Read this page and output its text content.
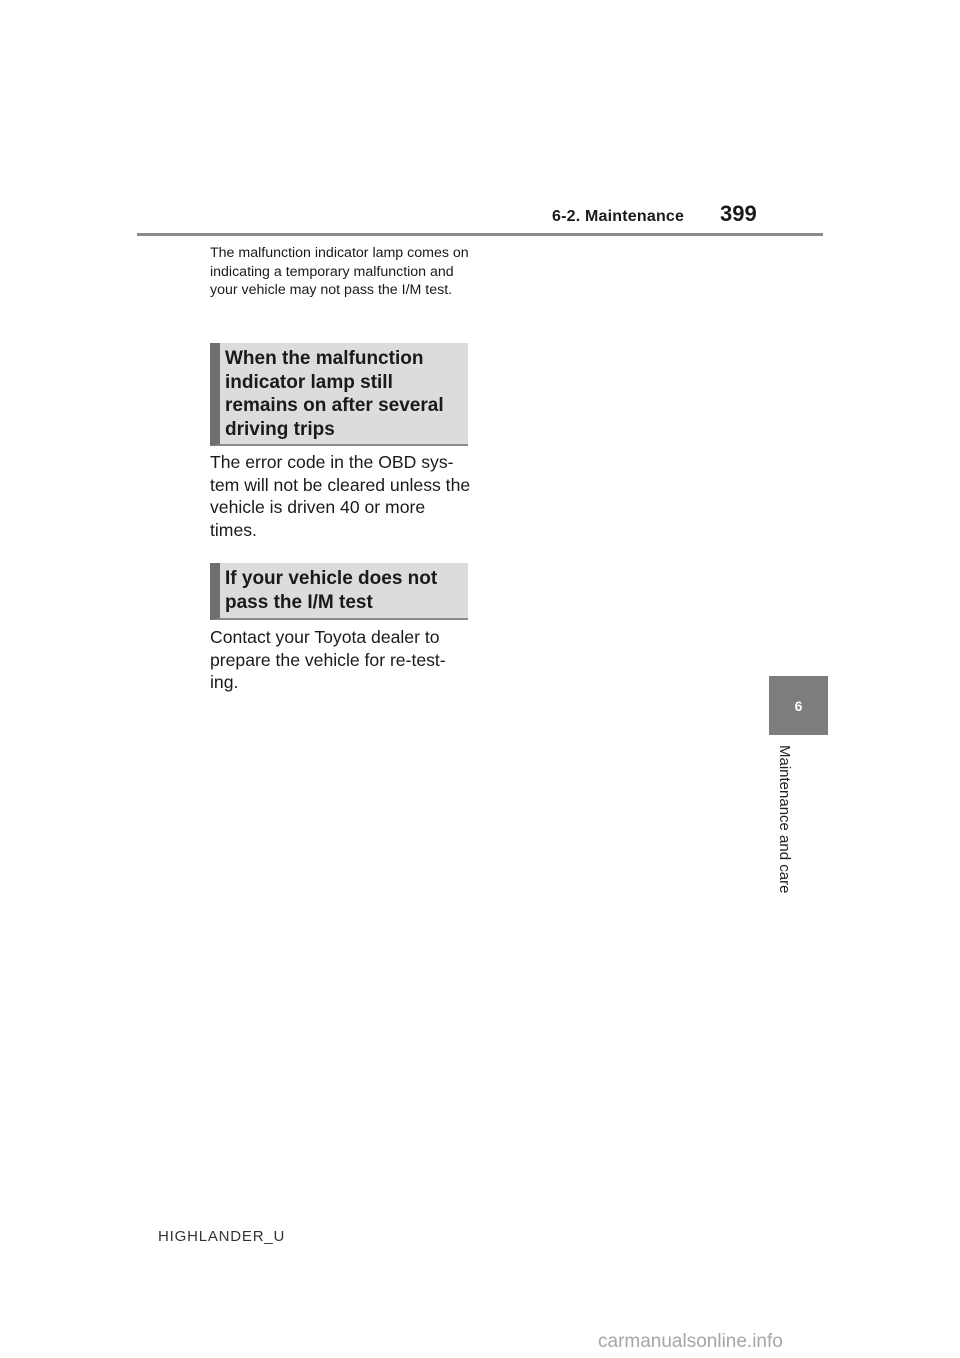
6-2. Maintenance 399

The malfunction indicator lamp comes on indicating a temporary malfunction and your vehicle may not pass the I/M test.

When the malfunction indicator lamp still remains on after several driving trips

The error code in the OBD sys-tem will not be cleared unless the vehicle is driven 40 or more times.

If your vehicle does not pass the I/M test

Contact your Toyota dealer to prepare the vehicle for re-test-ing.

6
Maintenance and care
HIGHLANDER_U
carmanualsonline.info
